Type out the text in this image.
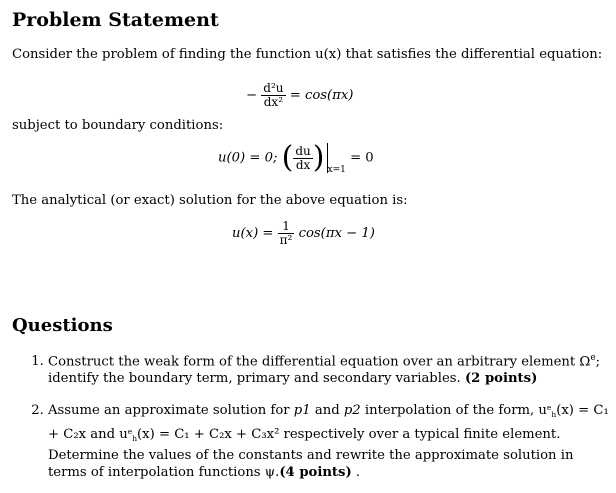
Problem Statement
Consider the problem of finding the function u(x) that satisfies the differential equation:
− $\frac{\text{d²u}}{\text{dx²}} = \cos(\pi x)$
subject to boundary conditions:
u(0) = 0; ( $\frac{du}{dx}$ ) $_{x=1}$ = 0
The analytical (or exact) solution for the above equation is:
$u(x) = \frac{1}{\text{π²}} \cos(\pi x - 1)$
Questions
1. Construct the weak form of the differential equation over an arbitrary element $\Omega^e$; identify the boundary term, primary and secondary variables. (2 points)
2. Assume an approximate solution for p1 and p2 interpolation of the form, $u^e_h(x) = C_1 + C_2x$ and $u^e_h(x) = C_1 + C_2x + C_3x^2$ respectively over a typical finite element. Determine the values of the constants and rewrite the approximate solution in terms of interpolation functions ψ.(4 points) .
